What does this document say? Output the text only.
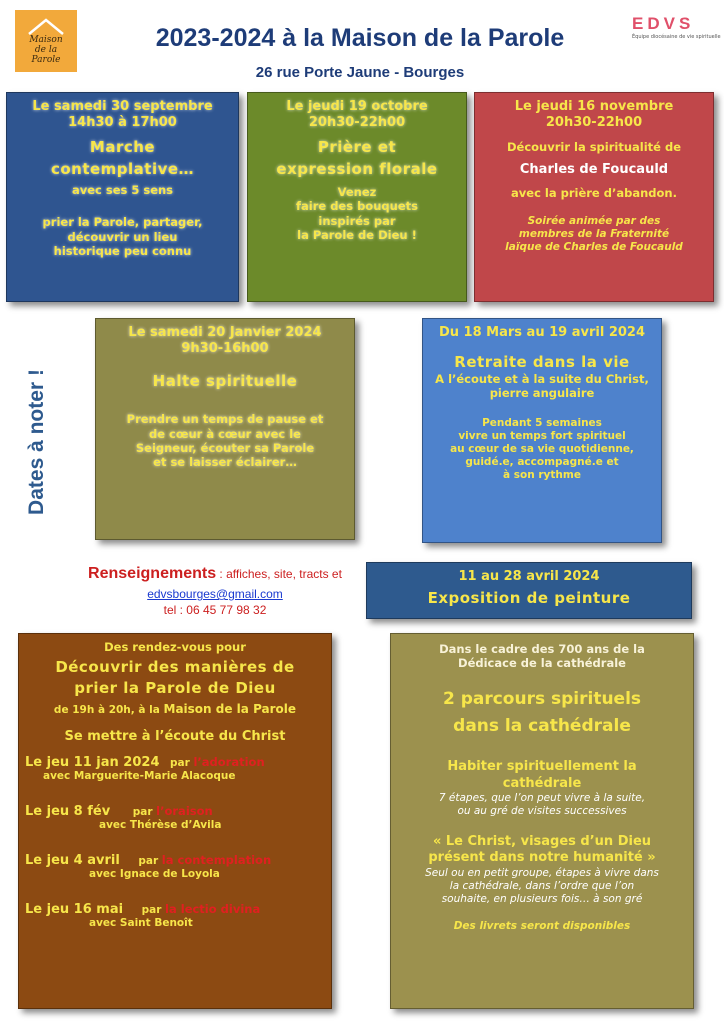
Maison de la Parole
2023-2024 à la Maison de la Parole
26 rue Porte Jaune - Bourges
EDVS
Équipe diocésaine de vie spirituelle
Dates à noter !

Le samedi 30 septembre

14h30 à 17h00

Marche

contemplative…

avec ses 5 sens

prier la Parole, partager,

découvrir un lieu

historique peu connu

Le jeudi 19 octobre

20h30-22h00

Prière et

expression florale

Venez

faire des bouquets

inspirés par

la Parole de Dieu !

Le jeudi 16 novembre

20h30-22h00

Découvrir la spiritualité de

Charles de Foucauld

avec la prière d’abandon.

Soirée animée par des

membres de la Fraternité

laïque de Charles de Foucauld

Le samedi 20 Janvier 2024

9h30-16h00

Halte spirituelle

Prendre un temps de pause et

de cœur à cœur avec le

Seigneur, écouter sa Parole

et se laisser éclairer…

Du 18 Mars au 19 avril 2024

Retraite dans la vie

A l’écoute et à la suite du Christ,

pierre angulaire

Pendant 5 semaines

vivre un temps fort spirituel

au cœur de sa vie quotidienne,

guidé.e, accompagné.e et

à son rythme

Renseignements : affiches, site, tracts et
edvsbourges@gmail.com
tel : 06 45 77 98 32

11 au 28 avril 2024

Exposition de peinture

Des rendez-vous pour

Découvrir des manières de

prier la Parole de Dieu

de 19h à 20h, à la Maison de la Parole

Se mettre à l’écoute du Christ

Le jeu 11 jan 2024 par l’adoration
avec Marguerite-Marie Alacoque
Le jeu 8 fév par l’oraison
avec Thérèse d’Avila
Le jeu 4 avril par la contemplation
avec Ignace de Loyola
Le jeu 16 mai par la lectio divina
avec Saint Benoît

Dans le cadre des 700 ans de la

Dédicace de la cathédrale

2 parcours spirituels

dans la cathédrale

Habiter spirituellement la

cathédrale

7 étapes, que l’on peut vivre à la suite,

ou au gré de visites successives

« Le Christ, visages d’un Dieu

présent dans notre humanité »

Seul ou en petit groupe, étapes à vivre dans

la cathédrale, dans l’ordre que l’on

souhaite, en plusieurs fois… à son gré

Des livrets seront disponibles
